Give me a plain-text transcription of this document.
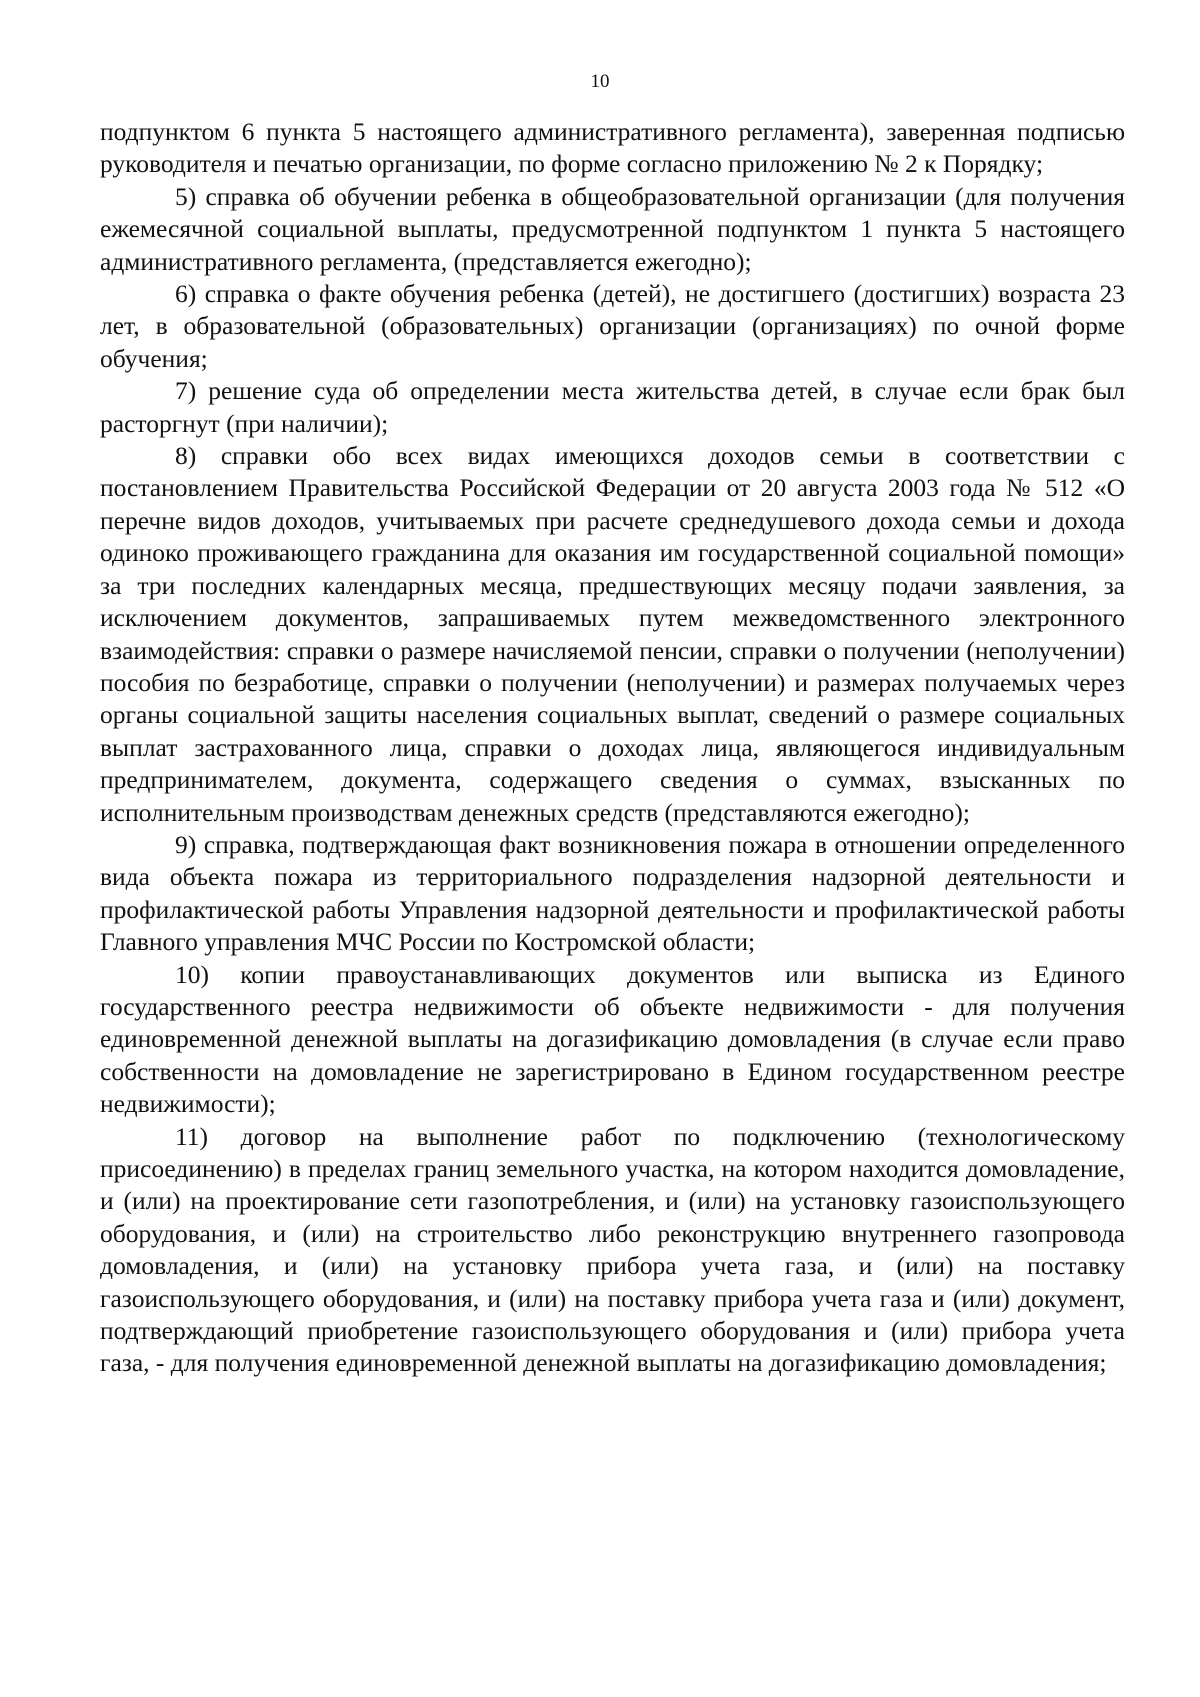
10

подпунктом 6 пункта 5 настоящего административного регламента), заверенная подписью руководителя и печатью организации, по форме согласно приложению № 2 к Порядку;

5) справка об обучении ребенка в общеобразовательной организации (для получения ежемесячной социальной выплаты, предусмотренной подпунктом 1 пункта 5 настоящего административного регламента, (представляется ежегодно);

6) справка о факте обучения ребенка (детей), не достигшего (достигших) возраста 23 лет, в образовательной (образовательных) организации (организациях) по очной форме обучения;

7) решение суда об определении места жительства детей, в случае если брак был расторгнут (при наличии);

8) справки обо всех видах имеющихся доходов семьи в соответствии с постановлением Правительства Российской Федерации от 20 августа 2003 года № 512 «О перечне видов доходов, учитываемых при расчете среднедушевого дохода семьи и дохода одиноко проживающего гражданина для оказания им государственной социальной помощи» за три последних календарных месяца, предшествующих месяцу подачи заявления, за исключением документов, запрашиваемых путем межведомственного электронного взаимодействия: справки о размере начисляемой пенсии, справки о получении (неполучении) пособия по безработице, справки о получении (неполучении) и размерах получаемых через органы социальной защиты населения социальных выплат, сведений о размере социальных выплат застрахованного лица, справки о доходах лица, являющегося индивидуальным предпринимателем, документа, содержащего сведения о суммах, взысканных по исполнительным производствам денежных средств (представляются ежегодно);

9) справка, подтверждающая факт возникновения пожара в отношении определенного вида объекта пожара из территориального подразделения надзорной деятельности и профилактической работы Управления надзорной деятельности и профилактической работы Главного управления МЧС России по Костромской области;

10) копии правоустанавливающих документов или выписка из Единого государственного реестра недвижимости об объекте недвижимости - для получения единовременной денежной выплаты на догазификацию домовладения (в случае если право собственности на домовладение не зарегистрировано в Едином государственном реестре недвижимости);

11) договор на выполнение работ по подключению (технологическому присоединению) в пределах границ земельного участка, на котором находится домовладение, и (или) на проектирование сети газопотребления, и (или) на установку газоиспользующего оборудования, и (или) на строительство либо реконструкцию внутреннего газопровода домовладения, и (или) на установку прибора учета газа, и (или) на поставку газоиспользующего оборудования, и (или) на поставку прибора учета газа и (или) документ, подтверждающий приобретение газоиспользующего оборудования и (или) прибора учета газа, - для получения единовременной денежной выплаты на догазификацию домовладения;
